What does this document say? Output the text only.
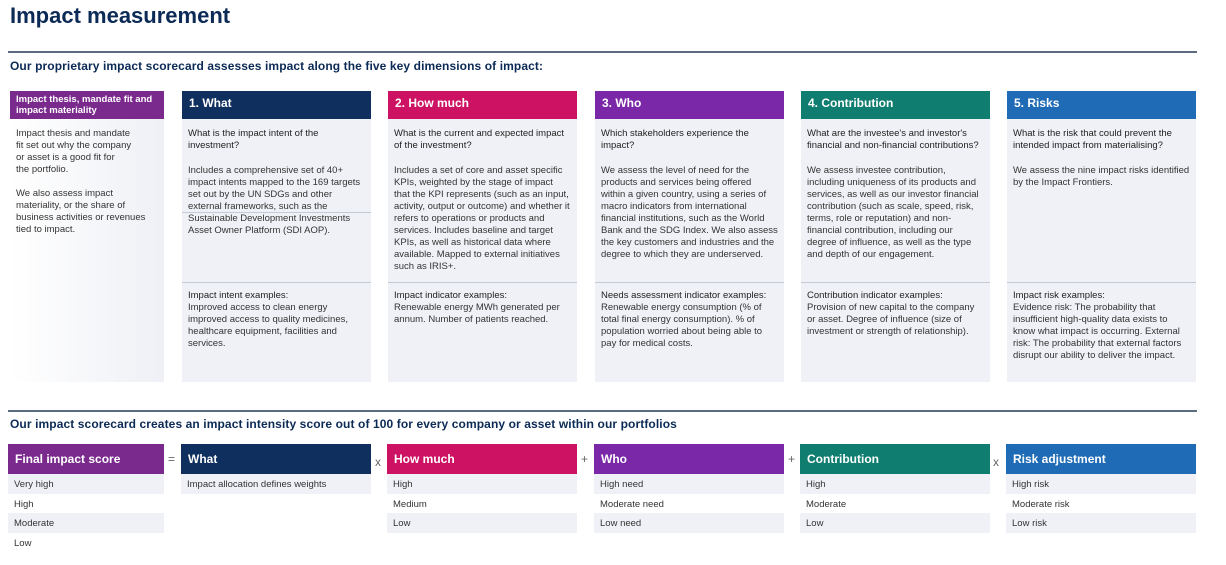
Impact measurement
Our proprietary impact scorecard assesses impact along the five key dimensions of impact:
Impact thesis, mandate fit and impact materiality

Impact thesis and mandate
fit set out why the company
or asset is a good fit for
the portfolio.

We also assess impact
materiality, or the share of
business activities or revenues
tied to impact.

1. What
What is the impact intent of the investment?
Includes a comprehensive set of 40+ impact intents mapped to the 169 targets set out by the UN SDGs and other external frameworks, such as the Sustainable Development Investments Asset Owner Platform (SDI AOP).
Impact intent examples:
Improved access to clean energy improved access to quality medicines, healthcare equipment, facilities and services.
2. How much
What is the current and expected impact of the investment?
Includes a set of core and asset specific KPIs, weighted by the stage of impact that the KPI represents (such as an input, activity, output or outcome) and whether it refers to operations or products and services. Includes baseline and target KPIs, as well as historical data where available. Mapped to external initiatives such as IRIS+.
Impact indicator examples:
Renewable energy MWh generated per annum. Number of patients reached.
3. Who
Which stakeholders experience the impact?
We assess the level of need for the products and services being offered within a given country, using a series of macro indicators from international financial institutions, such as the World Bank and the SDG Index. We also assess the key customers and industries and the degree to which they are underserved.
Needs assessment indicator examples:
Renewable energy consumption (% of total final energy consumption). % of population worried about being able to pay for medical costs.
4. Contribution
What are the investee's and investor's financial and non-financial contributions?
We assess investee contribution, including uniqueness of its products and services, as well as our investor financial contribution (such as scale, speed, risk, terms, role or reputation) and non-financial contribution, including our degree of influence, as well as the type and depth of our engagement.
Contribution indicator examples:
Provision of new capital to the company or asset. Degree of influence (size of investment or strength of relationship).
5. Risks
What is the risk that could prevent the intended impact from materialising?
We assess the nine impact risks identified by the Impact Frontiers.
Impact risk examples:
Evidence risk: The probability that insufficient high-quality data exists to know what impact is occurring. External risk: The probability that external factors disrupt our ability to deliver the impact.
Our impact scorecard creates an impact intensity score out of 100 for every company or asset within our portfolios
Final impact score
Very high
High
Moderate
Low
=	What
Impact allocation defines weights
x	How much
High
Medium
Low
+	Who
High need
Moderate need
Low need
+ Contribution
High
Moderate
Low
x	Risk adjustment
High risk
Moderate risk
Low risk
